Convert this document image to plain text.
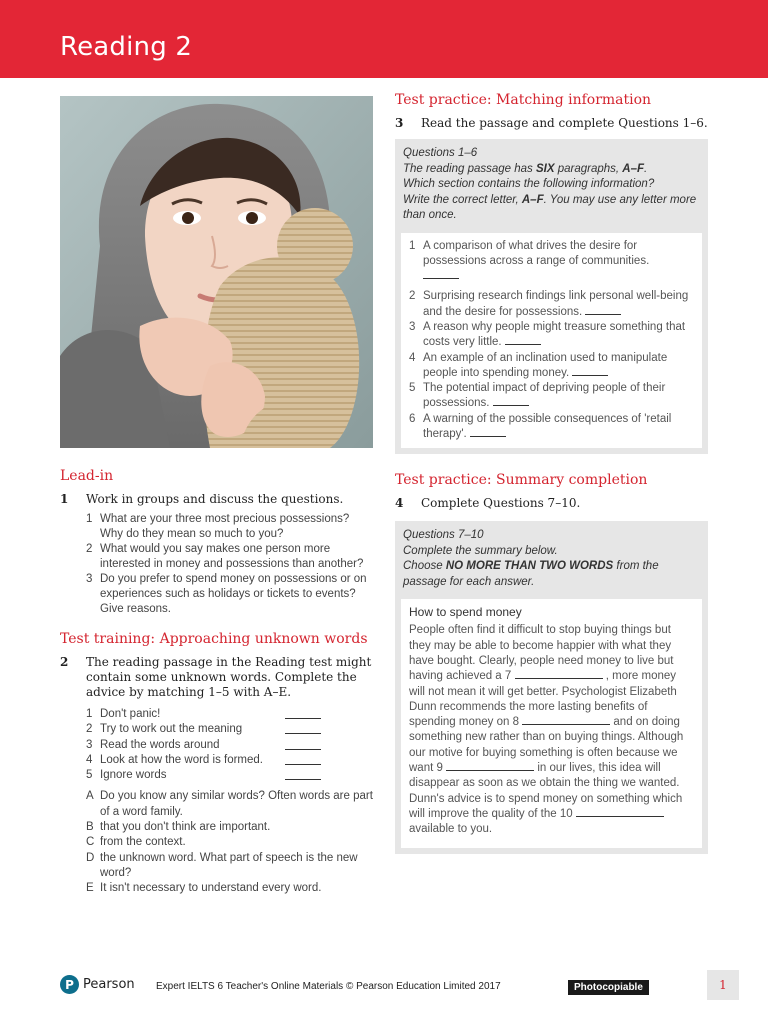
Reading 2
Lead-in
1	Work in groups and discuss the questions.
1 What are your three most precious possessions? Why do they mean so much to you?
2 What would you say makes one person more interested in money and possessions than another?
3 Do you prefer to spend money on possessions or on experiences such as holidays or tickets to events? Give reasons.
Test training: Approaching unknown words
2	The reading passage in the Reading test might contain some unknown words. Complete the advice by matching 1–5 with A–E.
1 Don't panic!
2 Try to work out the meaning
3 Read the words around
4 Look at how the word is formed.
5 Ignore words
A Do you know any similar words? Often words are part of a word family.
B that you don't think are important.
C from the context.
D the unknown word. What part of speech is the new word?
E It isn't necessary to understand every word.
Test practice: Matching information
3	Read the passage and complete Questions 1–6.
Questions 1–6
The reading passage has SIX paragraphs, A–F.
Which section contains the following information?
Write the correct letter, A–F. You may use any letter more than once.
1 A comparison of what drives the desire for possessions across a range of communities.

2 Surprising research findings link personal well-being and the desire for possessions.
3 A reason why people might treasure something that costs very little.
4 An example of an inclination used to manipulate people into spending money.
5 The potential impact of depriving people of their possessions.
6 A warning of the possible consequences of 'retail therapy'.
Test practice: Summary completion
4	Complete Questions 7–10.
Questions 7–10
Complete the summary below.
Choose NO MORE THAN TWO WORDS from the passage for each answer.
How to spend money
People often find it difficult to stop buying things but they may be able to become happier with what they have bought. Clearly, people need money to live but having achieved a 7	, more money will not mean it will get better. Psychologist Elizabeth Dunn recommends the more lasting benefits of spending money on 8	and on doing something new rather than on buying things. Although our motive for buying something is often because we want 9	in our lives, this idea will disappear as soon as we obtain the thing we wanted. Dunn's advice is to spend money on something which will improve the quality of the 10  available to you.
P Pearson Expert IELTS 6 Teacher's Online Materials © Pearson Education Limited 2017	Photocopiable	1
